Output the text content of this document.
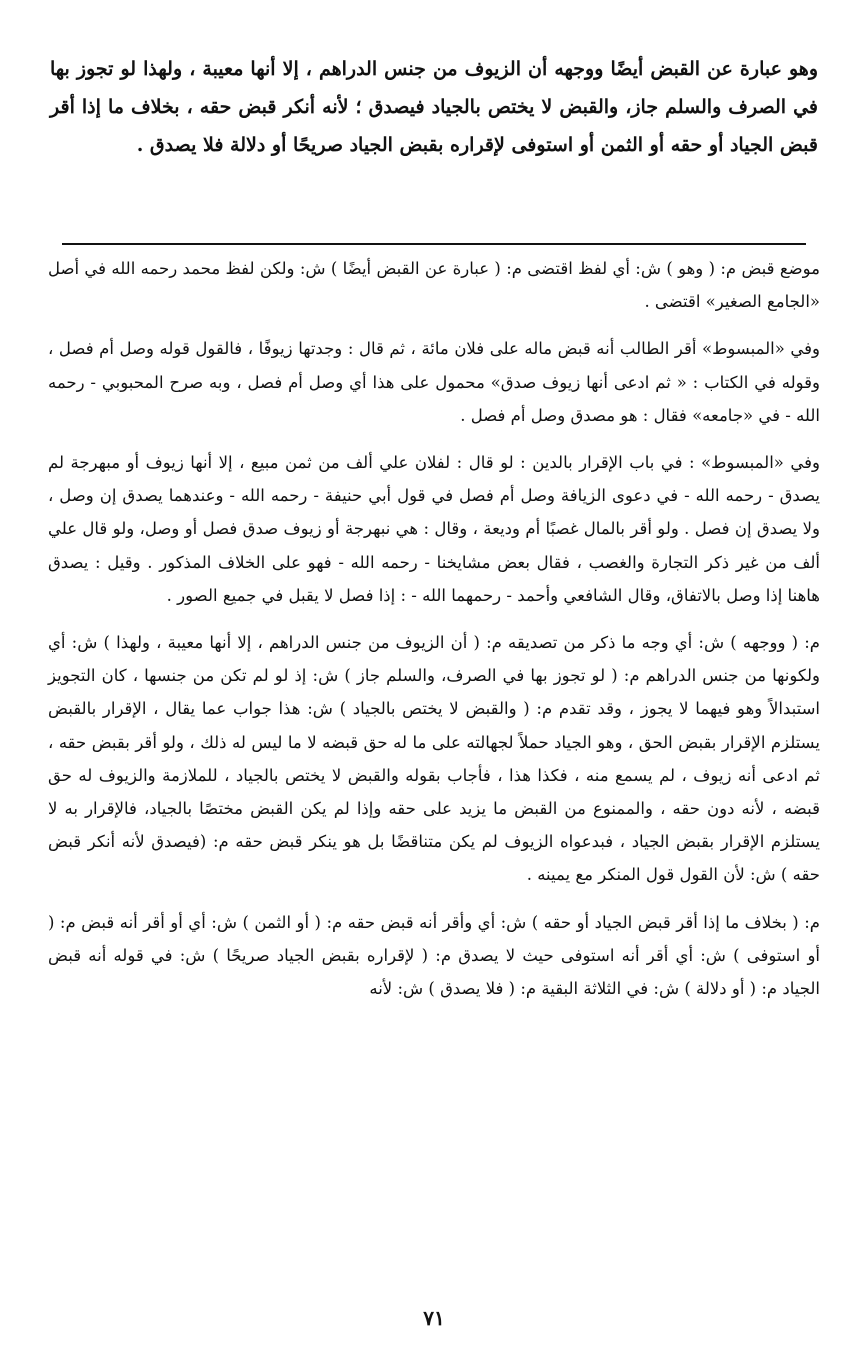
وهو عبارة عن القبض أيضًا ووجهه أن الزيوف من جنس الدراهم ، إلا أنها معيبة ، ولهذا لو تجوز بها في الصرف والسلم جاز، والقبض لا يختص بالجياد فيصدق ؛ لأنه أنكر قبض حقه ، بخلاف ما إذا أقر قبض الجياد أو حقه أو الثمن أو استوفى لإقراره بقبض الجياد صريحًا أو دلالة فلا يصدق .

موضع قبض م: ( وهو ) ش: أي لفظ اقتضى م: ( عبارة عن القبض أيضًا ) ش: ولكن لفظ محمد رحمه الله في أصل «الجامع الصغير» اقتضى .

وفي «المبسوط» أقر الطالب أنه قبض ماله على فلان مائة ، ثم قال : وجدتها زيوفًا ، فالقول قوله وصل أم فصل ، وقوله في الكتاب : « ثم ادعى أنها زيوف صدق» محمول على هذا أي وصل أم فصل ، وبه صرح المحبوبي - رحمه الله - في «جامعه» فقال : هو مصدق وصل أم فصل .

وفي «المبسوط» : في باب الإقرار بالدين : لو قال : لفلان علي ألف من ثمن مبيع ، إلا أنها زيوف أو مبهرجة لم يصدق - رحمه الله - في دعوى الزيافة وصل أم فصل في قول أبي حنيفة - رحمه الله - وعندهما يصدق إن وصل ، ولا يصدق إن فصل . ولو أقر بالمال غصبًا أم وديعة ، وقال : هي نبهرجة أو زيوف صدق فصل أو وصل، ولو قال علي ألف من غير ذكر التجارة والغصب ، فقال بعض مشايخنا - رحمه الله - فهو على الخلاف المذكور . وقيل : يصدق هاهنا إذا وصل بالاتفاق، وقال الشافعي وأحمد - رحمهما الله - : إذا فصل لا يقبل في جميع الصور .

م: ( ووجهه ) ش: أي وجه ما ذكر من تصديقه م: ( أن الزيوف من جنس الدراهم ، إلا أنها معيبة ، ولهذا ) ش: أي ولكونها من جنس الدراهم م: ( لو تجوز بها في الصرف، والسلم جاز ) ش: إذ لو لم تكن من جنسها ، كان التجويز استبدالاً وهو فيهما لا يجوز ، وقد تقدم م: ( والقبض لا يختص بالجياد ) ش: هذا جواب عما يقال ، الإقرار بالقبض يستلزم الإقرار بقبض الحق ، وهو الجياد حملاً لجهالته على ما له حق قبضه لا ما ليس له ذلك ، ولو أقر بقبض حقه ، ثم ادعى أنه زيوف ، لم يسمع منه ، فكذا هذا ، فأجاب بقوله والقبض لا يختص بالجياد ، للملازمة والزيوف له حق قبضه ، لأنه دون حقه ، والممنوع من القبض ما يزيد على حقه وإذا لم يكن القبض مختصًا بالجياد، فالإقرار به لا يستلزم الإقرار بقبض الجياد ، فبدعواه الزيوف لم يكن متناقضًا بل هو ينكر قبض حقه م: (فيصدق لأنه أنكر قبض حقه ) ش: لأن القول قول المنكر مع يمينه .

م: ( بخلاف ما إذا أقر قبض الجياد أو حقه ) ش: أي وأقر أنه قبض حقه م: ( أو الثمن ) ش: أي أو أقر أنه قبض م: ( أو استوفى ) ش: أي أقر أنه استوفى حيث لا يصدق م: ( لإقراره بقبض الجياد صريحًا ) ش: في قوله أنه قبض الجياد م: ( أو دلالة ) ش: في الثلاثة البقية م: ( فلا يصدق ) ش: لأنه

٧١
